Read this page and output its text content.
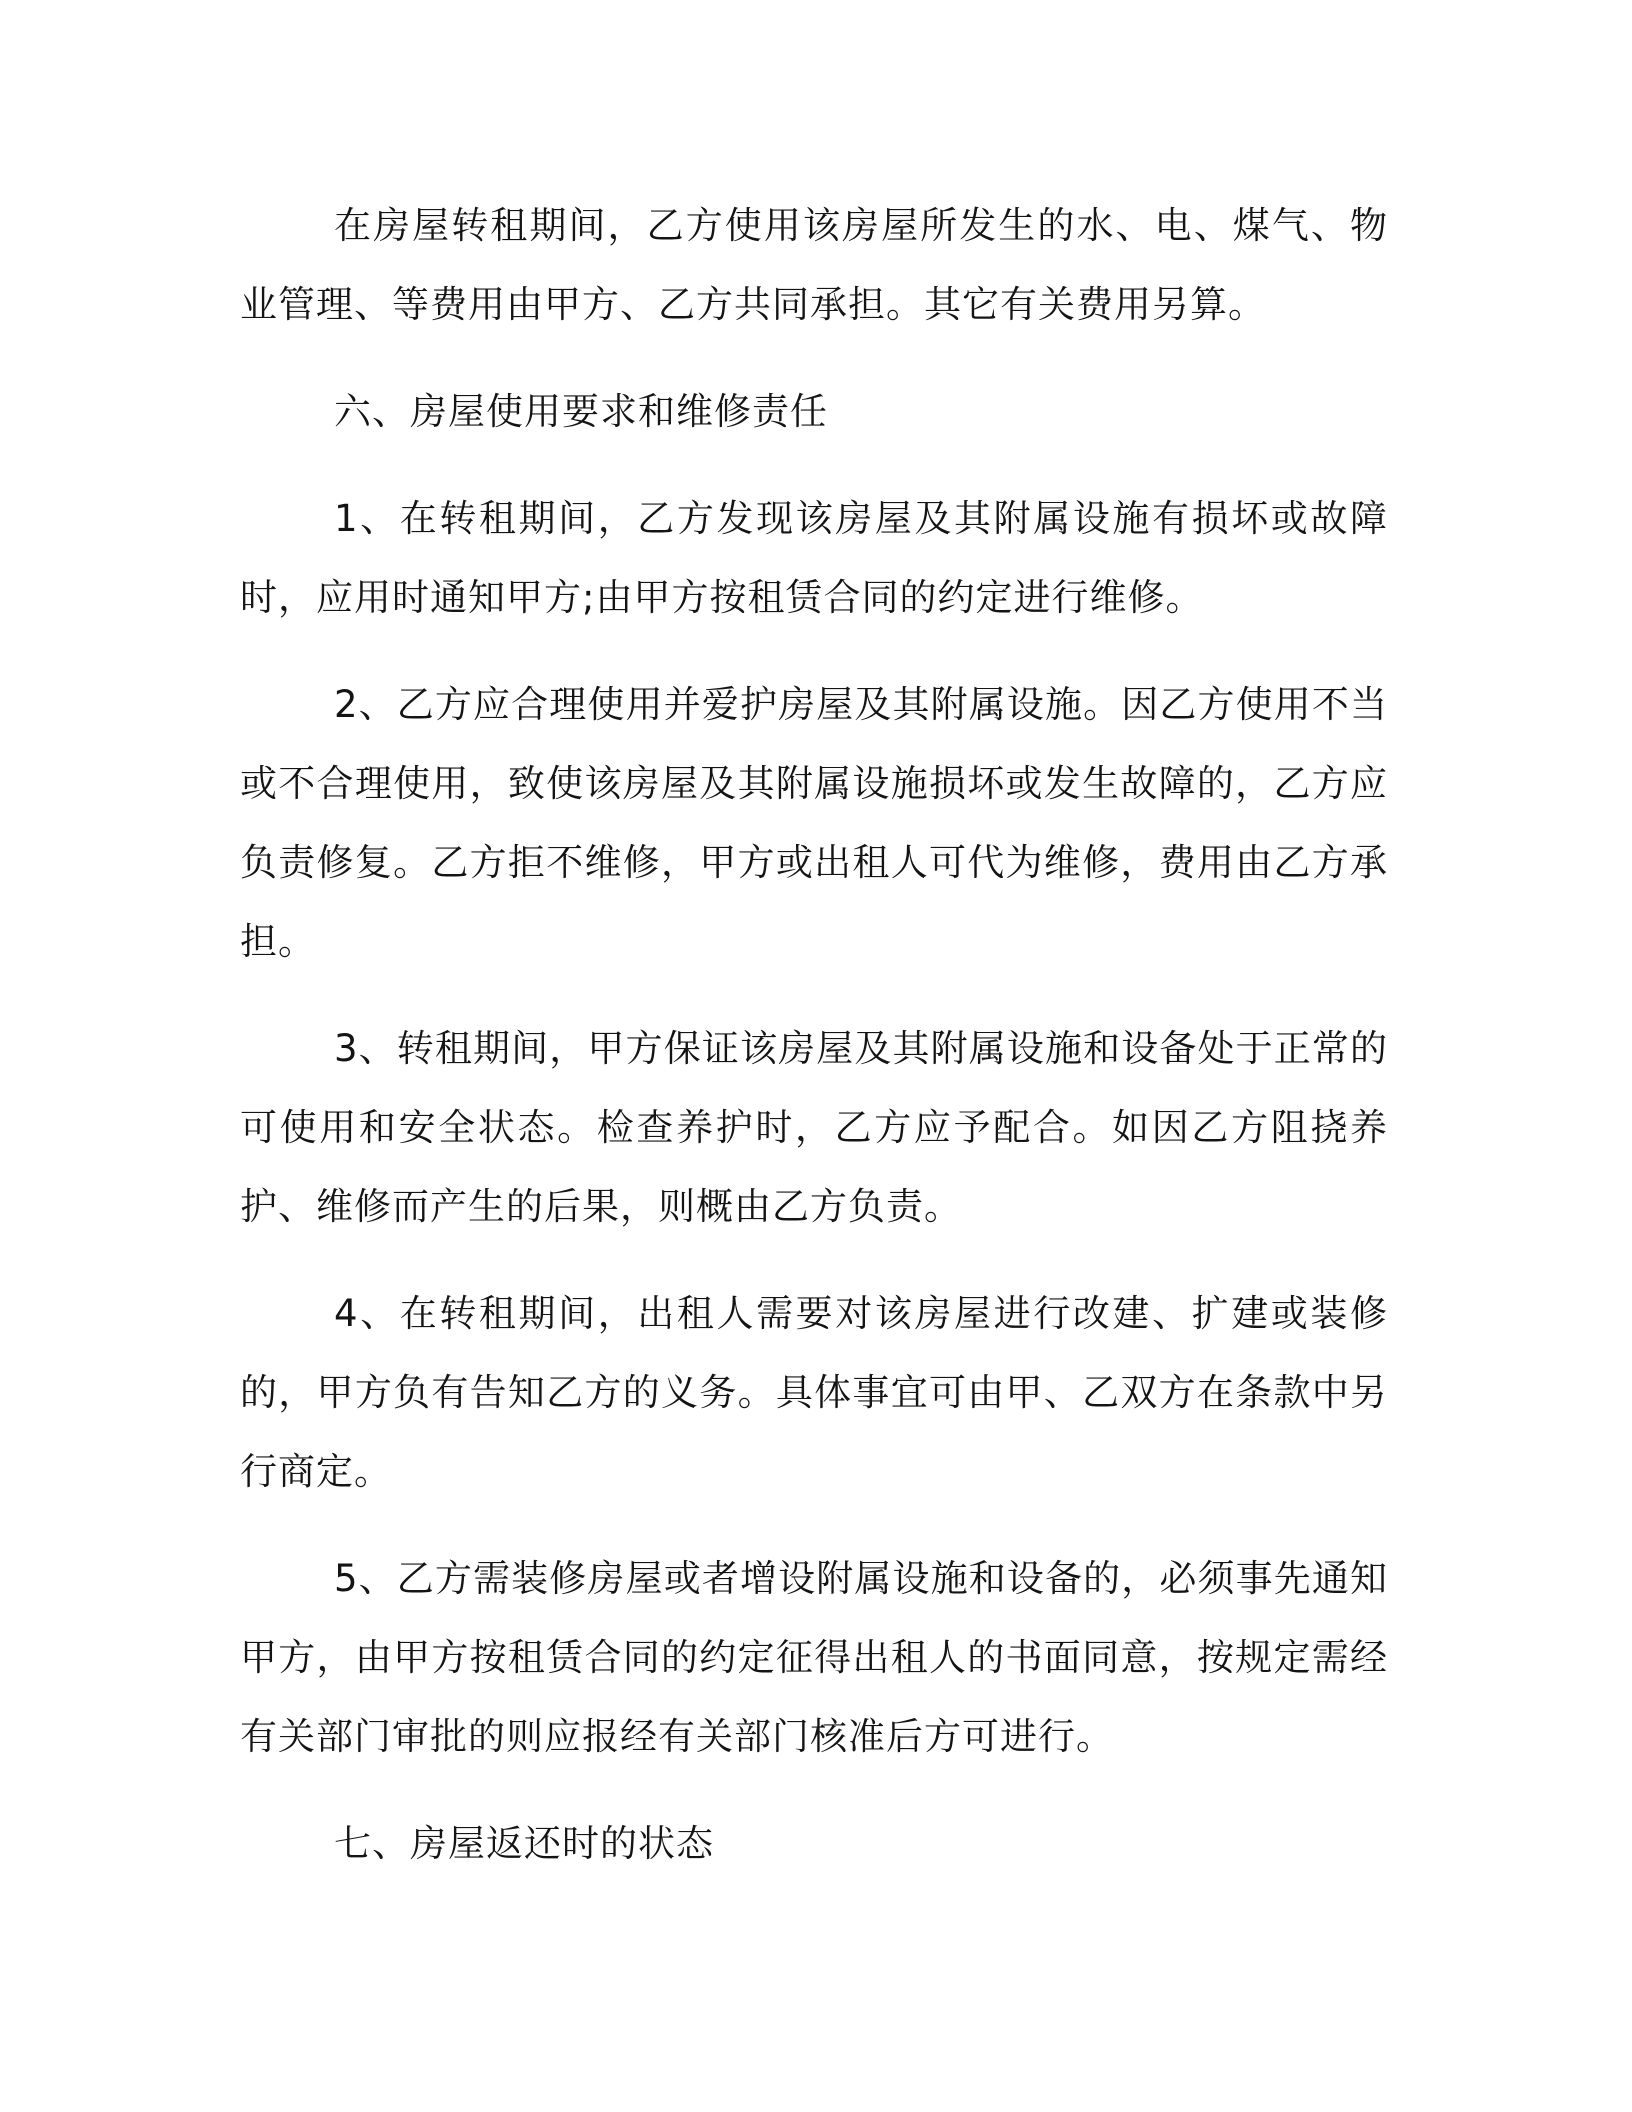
在房屋转租期间，乙方使用该房屋所发生的水、电、煤气、物业管理、等费用由甲方、乙方共同承担。其它有关费用另算。

六、房屋使用要求和维修责任

1、在转租期间，乙方发现该房屋及其附属设施有损坏或故障时，应用时通知甲方;由甲方按租赁合同的约定进行维修。

2、乙方应合理使用并爱护房屋及其附属设施。因乙方使用不当或不合理使用，致使该房屋及其附属设施损坏或发生故障的，乙方应负责修复。乙方拒不维修，甲方或出租人可代为维修，费用由乙方承担。

3、转租期间，甲方保证该房屋及其附属设施和设备处于正常的可使用和安全状态。检查养护时，乙方应予配合。如因乙方阻挠养护、维修而产生的后果，则概由乙方负责。

4、在转租期间，出租人需要对该房屋进行改建、扩建或装修的，甲方负有告知乙方的义务。具体事宜可由甲、乙双方在条款中另行商定。

5、乙方需装修房屋或者增设附属设施和设备的，必须事先通知甲方，由甲方按租赁合同的约定征得出租人的书面同意，按规定需经有关部门审批的则应报经有关部门核准后方可进行。

七、房屋返还时的状态
